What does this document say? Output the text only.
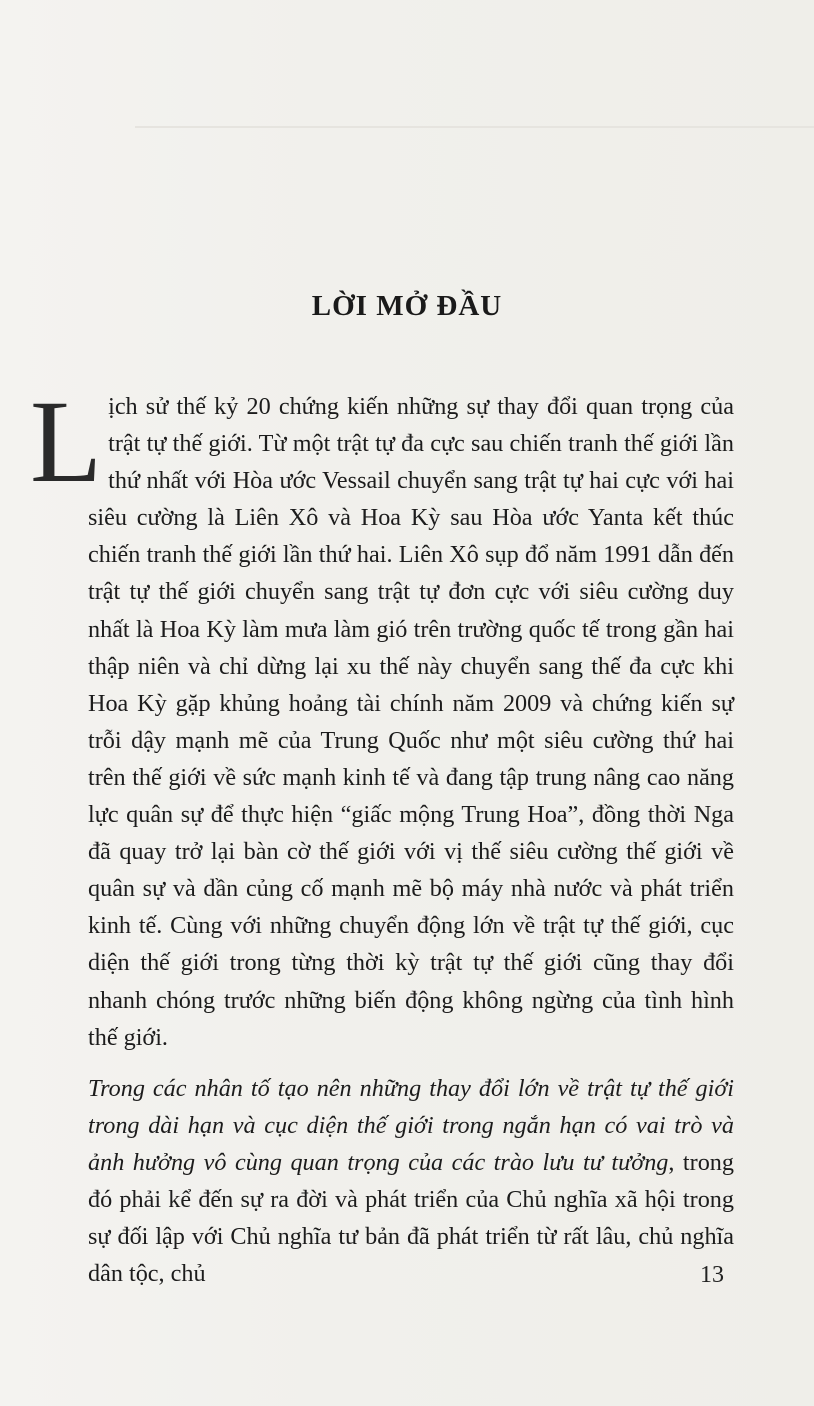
LỜI MỞ ĐẦU

Lịch sử thế kỷ 20 chứng kiến những sự thay đổi quan trọng của trật tự thế giới. Từ một trật tự đa cực sau chiến tranh thế giới lần thứ nhất với Hòa ước Vessail chuyển sang trật tự hai cực với hai siêu cường là Liên Xô và Hoa Kỳ sau Hòa ước Yanta kết thúc chiến tranh thế giới lần thứ hai. Liên Xô sụp đổ năm 1991 dẫn đến trật tự thế giới chuyển sang trật tự đơn cực với siêu cường duy nhất là Hoa Kỳ làm mưa làm gió trên trường quốc tế trong gần hai thập niên và chỉ dừng lại xu thế này chuyển sang thế đa cực khi Hoa Kỳ gặp khủng hoảng tài chính năm 2009 và chứng kiến sự trỗi dậy mạnh mẽ của Trung Quốc như một siêu cường thứ hai trên thế giới về sức mạnh kinh tế và đang tập trung nâng cao năng lực quân sự để thực hiện “giấc mộng Trung Hoa”, đồng thời Nga đã quay trở lại bàn cờ thế giới với vị thế siêu cường thế giới về quân sự và dần củng cố mạnh mẽ bộ máy nhà nước và phát triển kinh tế. Cùng với những chuyển động lớn về trật tự thế giới, cục diện thế giới trong từng thời kỳ trật tự thế giới cũng thay đổi nhanh chóng trước những biến động không ngừng của tình hình thế giới.

Trong các nhân tố tạo nên những thay đổi lớn về trật tự thế giới trong dài hạn và cục diện thế giới trong ngắn hạn có vai trò và ảnh hưởng vô cùng quan trọng của các trào lưu tư tưởng, trong đó phải kể đến sự ra đời và phát triển của Chủ nghĩa xã hội trong sự đối lập với Chủ nghĩa tư bản đã phát triển từ rất lâu, chủ nghĩa dân tộc, chủ	13
